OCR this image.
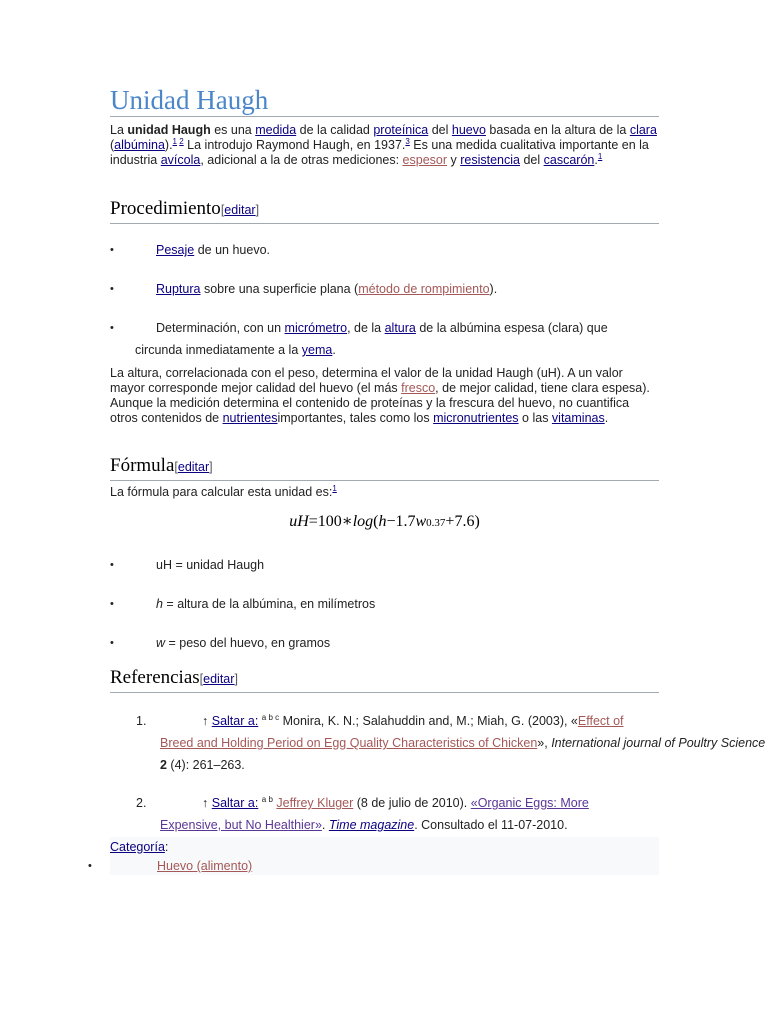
Unidad Haugh

La unidad Haugh es una medida de la calidad proteínica del huevo basada en la altura de la clara (albúmina).$^{1 2}$ La introdujo Raymond Haugh, en 1937.$^3$ Es una medida cualitativa importante en la industria avícola, adicional a la de otras mediciones: espesor y resistencia del cascarón.$^1$

Procedimiento[editar]
•	Pesaje de un huevo.
•	Ruptura sobre una superficie plana (método de rompimiento).
•	Determinación, con un micrómetro, de la altura de la albúmina espesa (clara) que
circunda inmediatamente a la yema.

La altura, correlacionada con el peso, determina el valor de la unidad Haugh (uH). A un valor mayor corresponde mejor calidad del huevo (el más fresco, de mejor calidad, tiene clara espesa). Aunque la medición determina el contenido de proteínas y la frescura del huevo, no cuantifica otros contenidos de nutrientesimportantes, tales como los micronutrientes o las vitaminas.

Fórmula[editar]

La fórmula para calcular esta unidad es:$^1$

uH=100∗log(h−1.7w0.37+7.6)
•	uH = unidad Haugh
•	h = altura de la albúmina, en milímetros
•	w = peso del huevo, en gramos
Referencias[editar]
1.	↑ Saltar a: $^{a b c}$ Monira, K. N.; Salahuddin and, M.; Miah, G. (2003), «Effect of
Breed and Holding Period on Egg Quality Characteristics of Chicken», International journal of Poultry Science
2 (4): 261–263.
2.	↑ Saltar a: $^{a b}$ Jeffrey Kluger (8 de julio de 2010). «Organic Eggs: More
Expensive, but No Healthier». Time magazine. Consultado el 11-07-2010.
Categoría:
•	Huevo (alimento)
